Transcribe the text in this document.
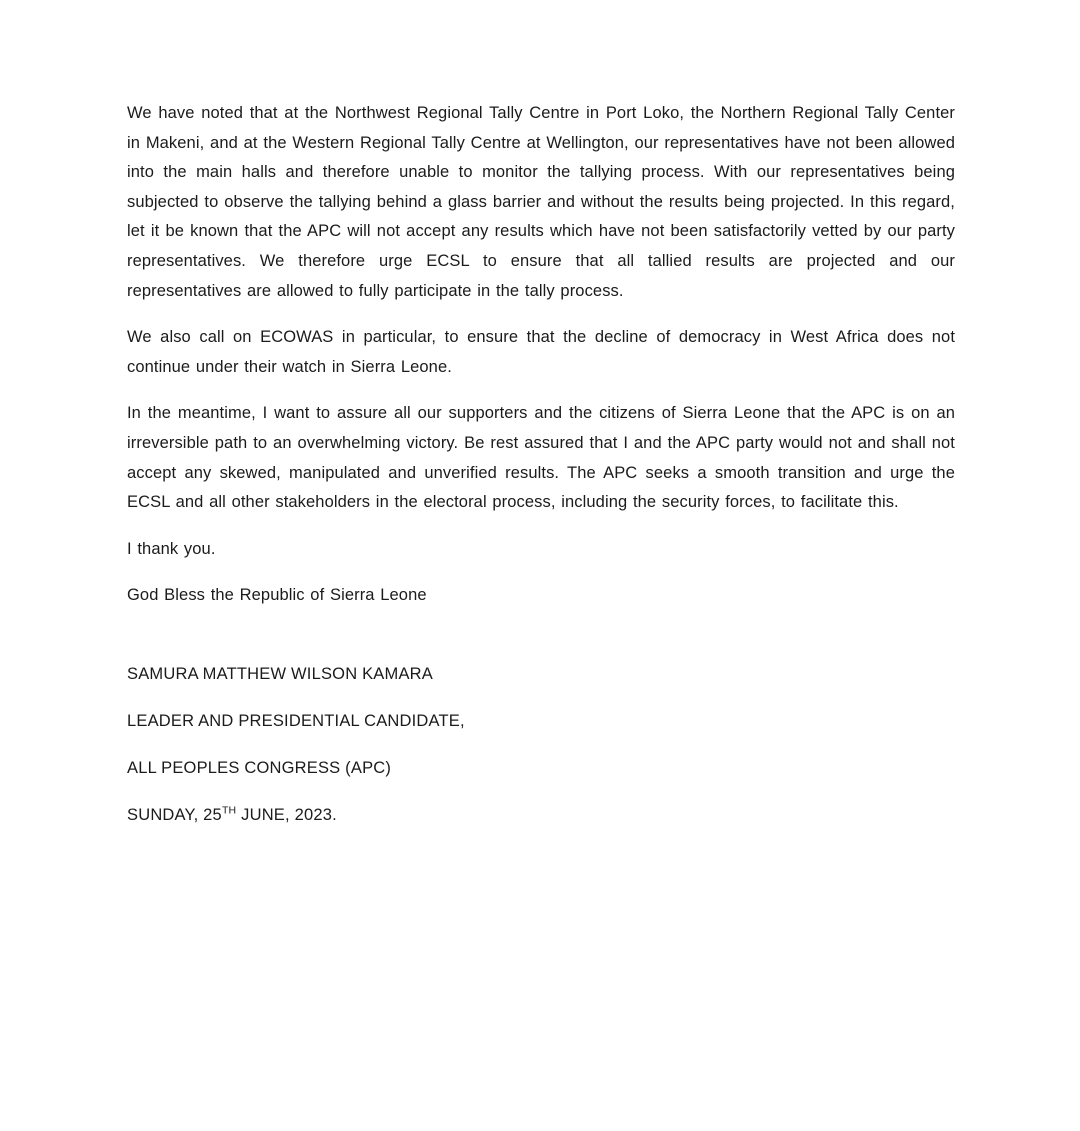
We have noted that at the Northwest Regional Tally Centre in Port Loko, the Northern Regional Tally Center in Makeni, and at the Western Regional Tally Centre at Wellington, our representatives have not been allowed into the main halls and therefore unable to monitor the tallying process. With our representatives being subjected to observe the tallying behind a glass barrier and without the results being projected. In this regard, let it be known that the APC will not accept any results which have not been satisfactorily vetted by our party representatives. We therefore urge ECSL to ensure that all tallied results are projected and our representatives are allowed to fully participate in the tally process.

We also call on ECOWAS in particular, to ensure that the decline of democracy in West Africa does not continue under their watch in Sierra Leone.

In the meantime, I want to assure all our supporters and the citizens of Sierra Leone that the APC is on an irreversible path to an overwhelming victory. Be rest assured that I and the APC party would not and shall not accept any skewed, manipulated and unverified results. The APC seeks a smooth transition and urge the ECSL and all other stakeholders in the electoral process, including the security forces, to facilitate this.

I thank you.

God Bless the Republic of Sierra Leone

SAMURA MATTHEW WILSON KAMARA

LEADER AND PRESIDENTIAL CANDIDATE,

ALL PEOPLES CONGRESS (APC)

SUNDAY, 25TH JUNE, 2023.
